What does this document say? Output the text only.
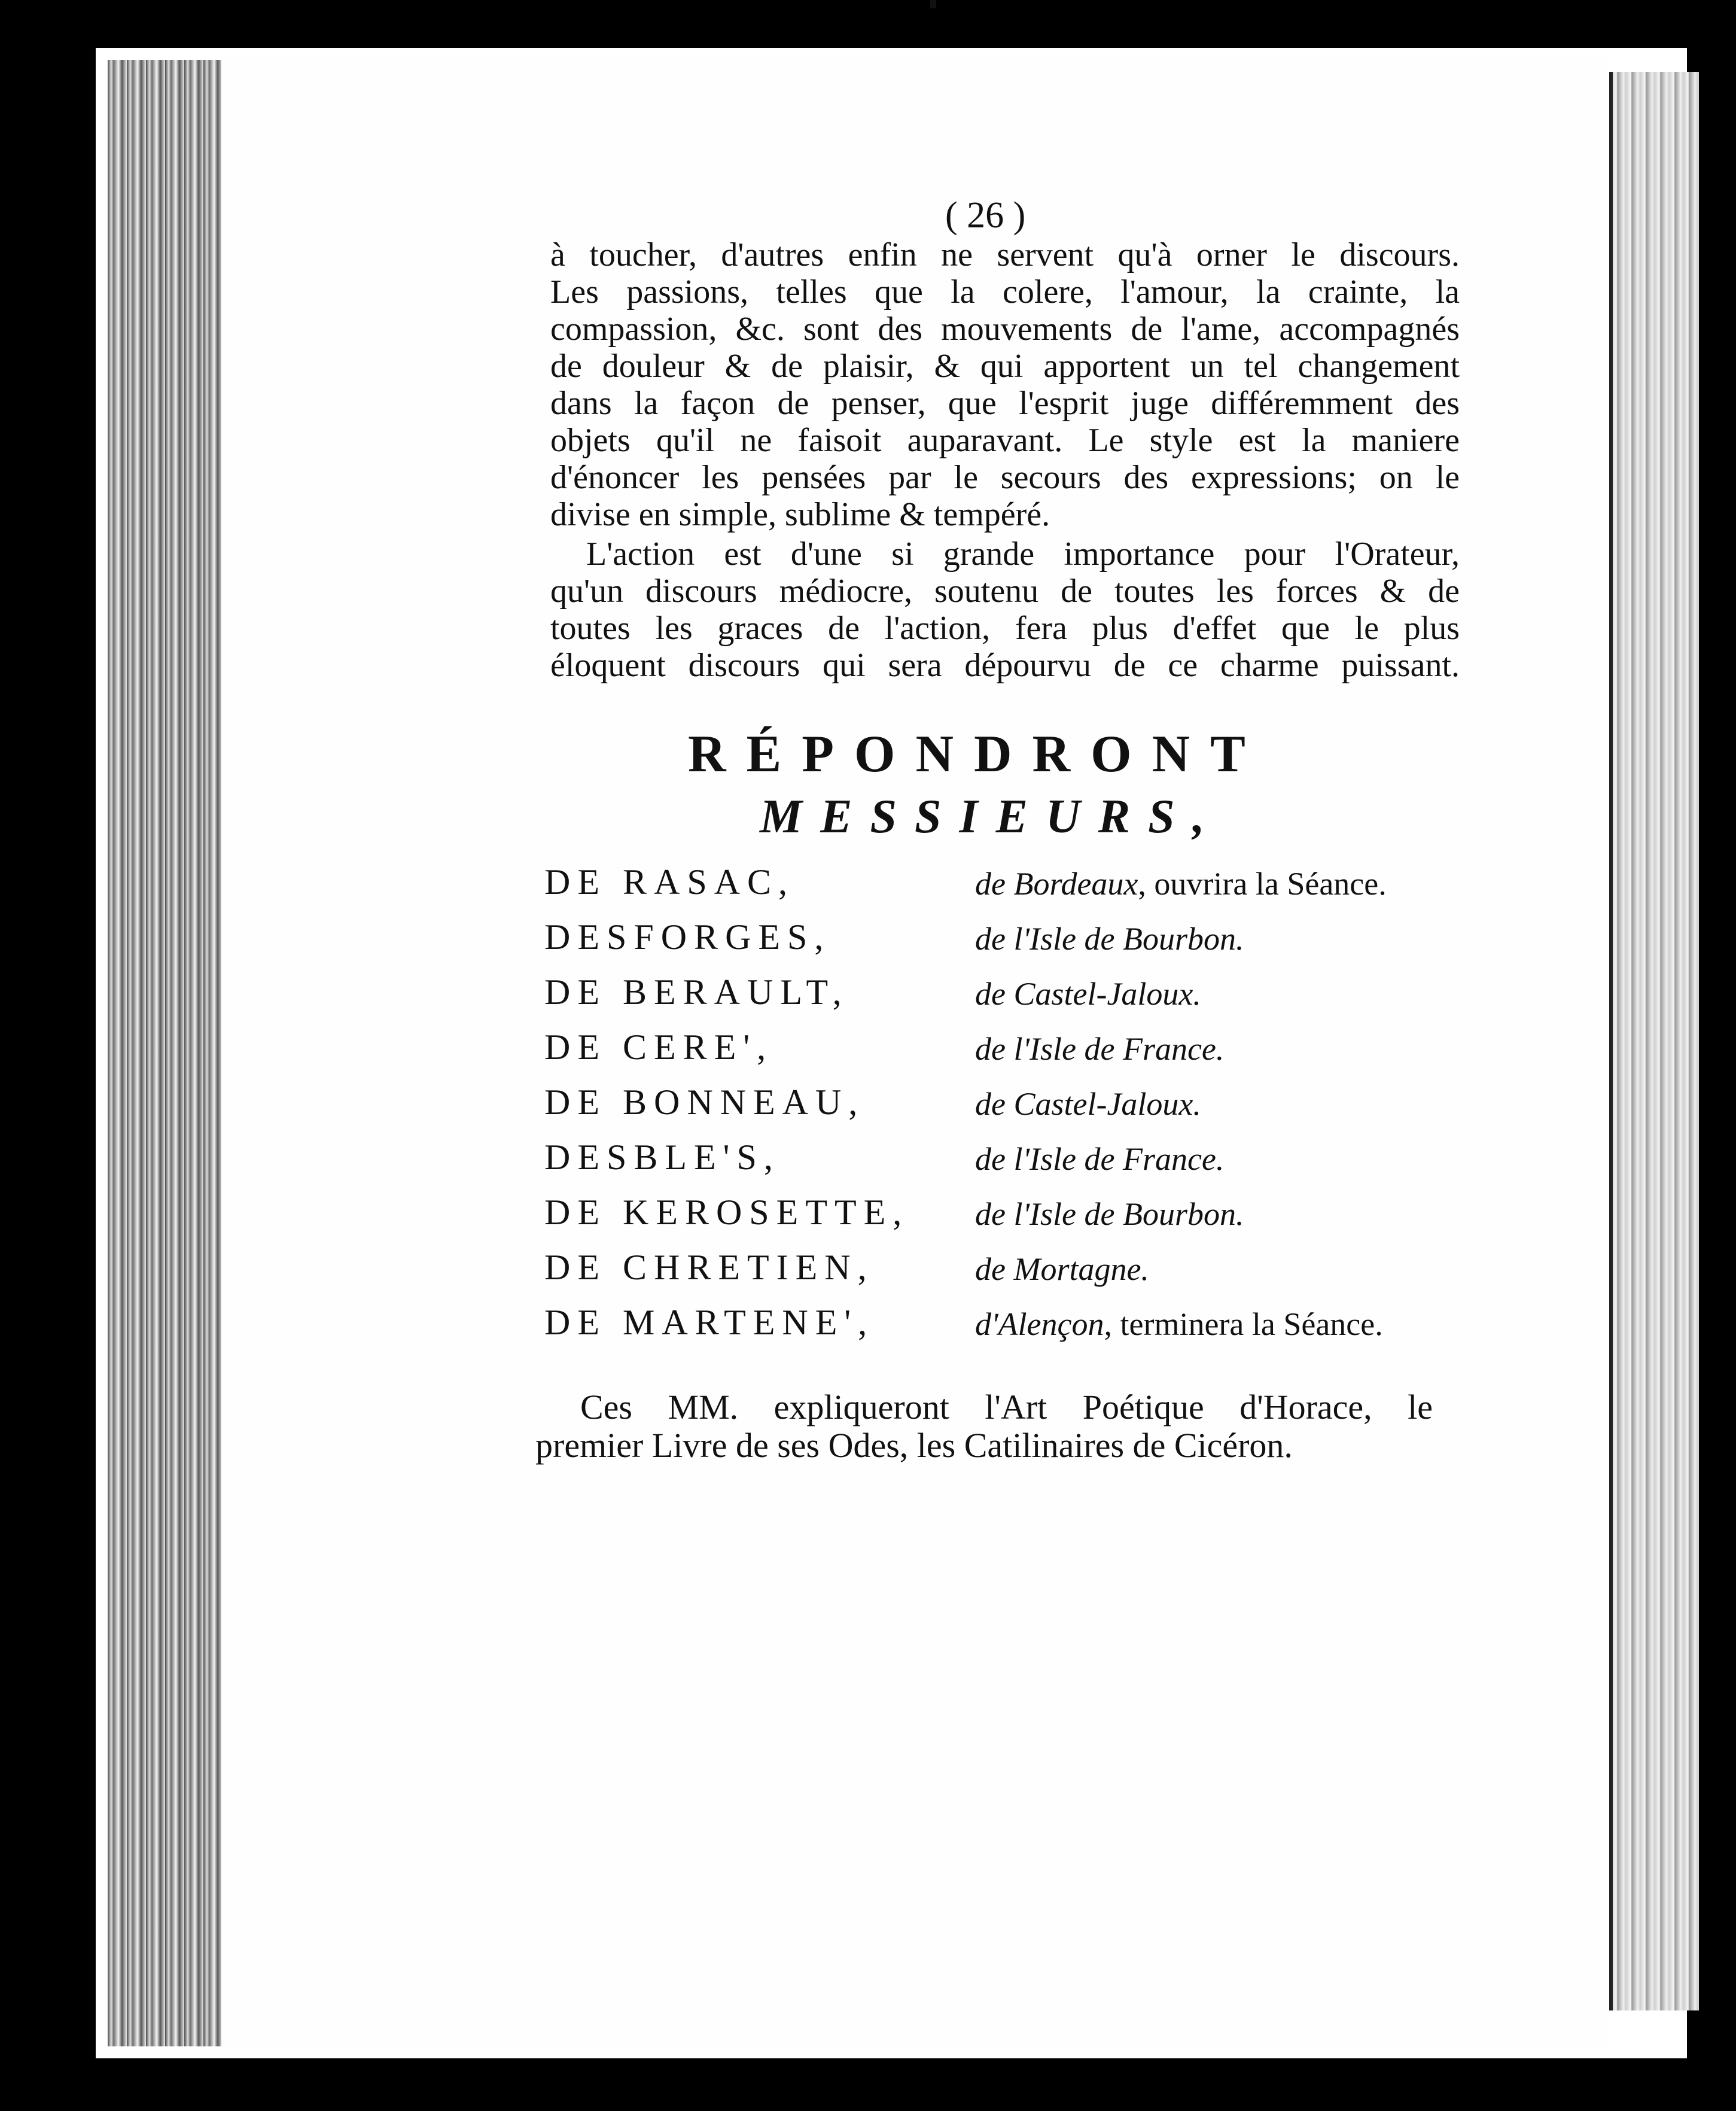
( 26 )

à toucher, d'autres enfin ne servent qu'à orner le discours.

Les passions, telles que la colere, l'amour, la crainte, la

compassion, &c. sont des mouvements de l'ame, accompagnés

de douleur & de plaisir, & qui apportent un tel changement

dans la façon de penser, que l'esprit juge différemment des

objets qu'il ne faisoit auparavant. Le style est la maniere

d'énoncer les pensées par le secours des expressions; on le

divise en simple, sublime & tempéré.

L'action est d'une si grande importance pour l'Orateur,

qu'un discours médiocre, soutenu de toutes les forces & de

toutes les graces de l'action, fera plus d'effet que le plus

éloquent discours qui sera dépourvu de ce charme puissant.

RÉPONDRONT
MESSIEURS,
DE RASAC,	de Bordeaux, ouvrira la Séance.
DESFORGES,	de l'Isle de Bourbon.
DE BERAULT,	de Castel-Jaloux.
DE CERE',	de l'Isle de France.
DE BONNEAU,	de Castel-Jaloux.
DESBLE'S,	de l'Isle de France.
DE KEROSETTE, de l'Isle de Bourbon.
DE CHRETIEN,	de Mortagne.
DE MARTENE',	d'Alençon, terminera la Séance.

Ces MM. expliqueront l'Art Poétique d'Horace, le

premier Livre de ses Odes, les Catilinaires de Cicéron.
